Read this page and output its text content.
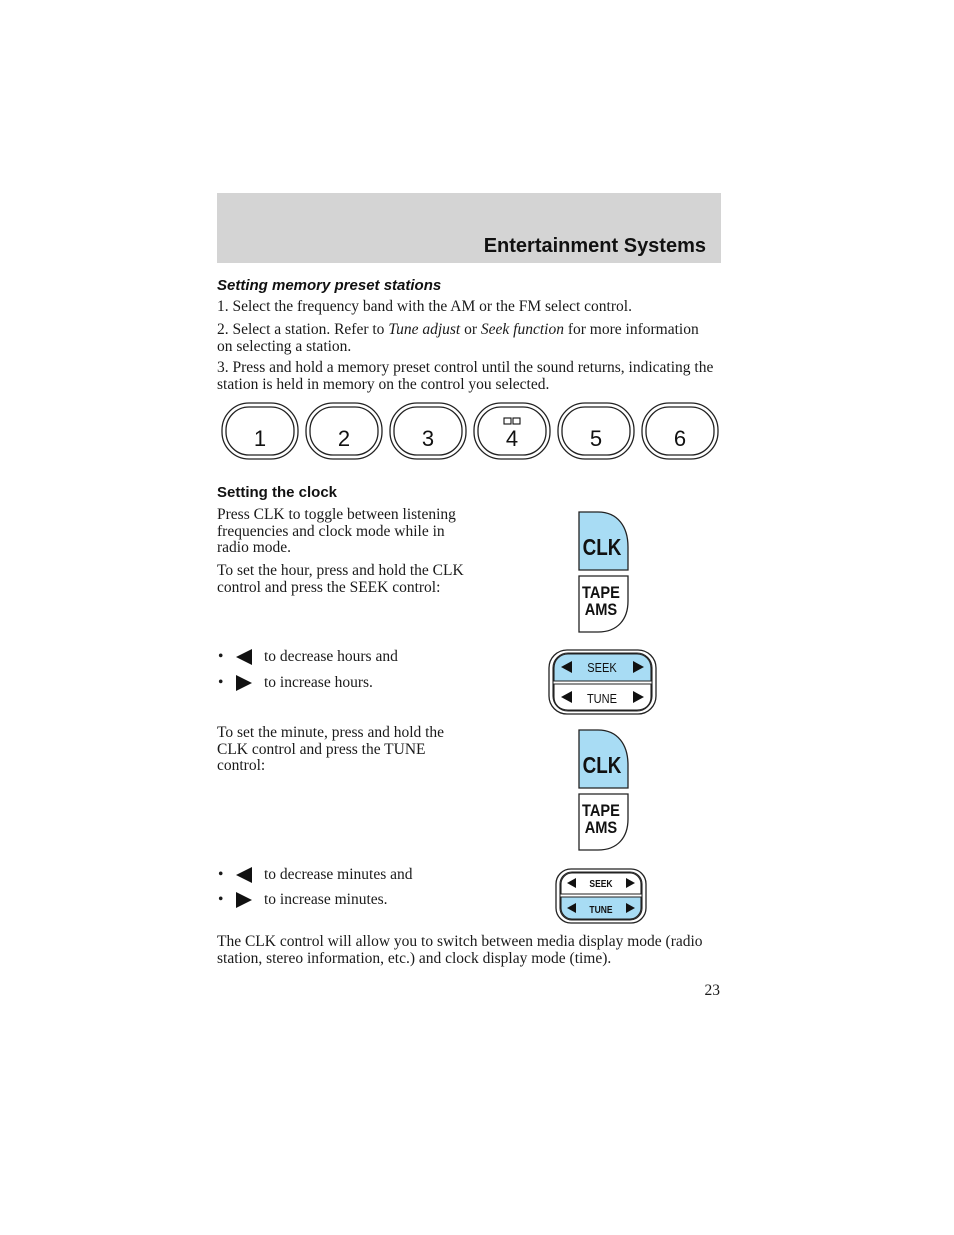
Entertainment Systems
Setting memory preset stations

1. Select the frequency band with the AM or the FM select control.

2. Select a station. Refer to Tune adjust or Seek function for more information on selecting a station.

3. Press and hold a memory preset control until the sound returns, indicating the station is held in memory on the control you selected.

1	2	3	4	5	6
Setting the clock

Press CLK to toggle between listening frequencies and clock mode while in radio mode.

To set the hour, press and hold the CLK control and press the SEEK control:

CLK
TAPE
AMS
•	to decrease hours and
•	to increase hours.
SEEK
TUNE

To set the minute, press and hold the CLK control and press the TUNE control:	CLK
TAPE
AMS
•	to decrease minutes and
•	to increase minutes.
SEEK
TUNE

The CLK control will allow you to switch between media display mode (radio station, stereo information, etc.) and clock display mode (time).

23
